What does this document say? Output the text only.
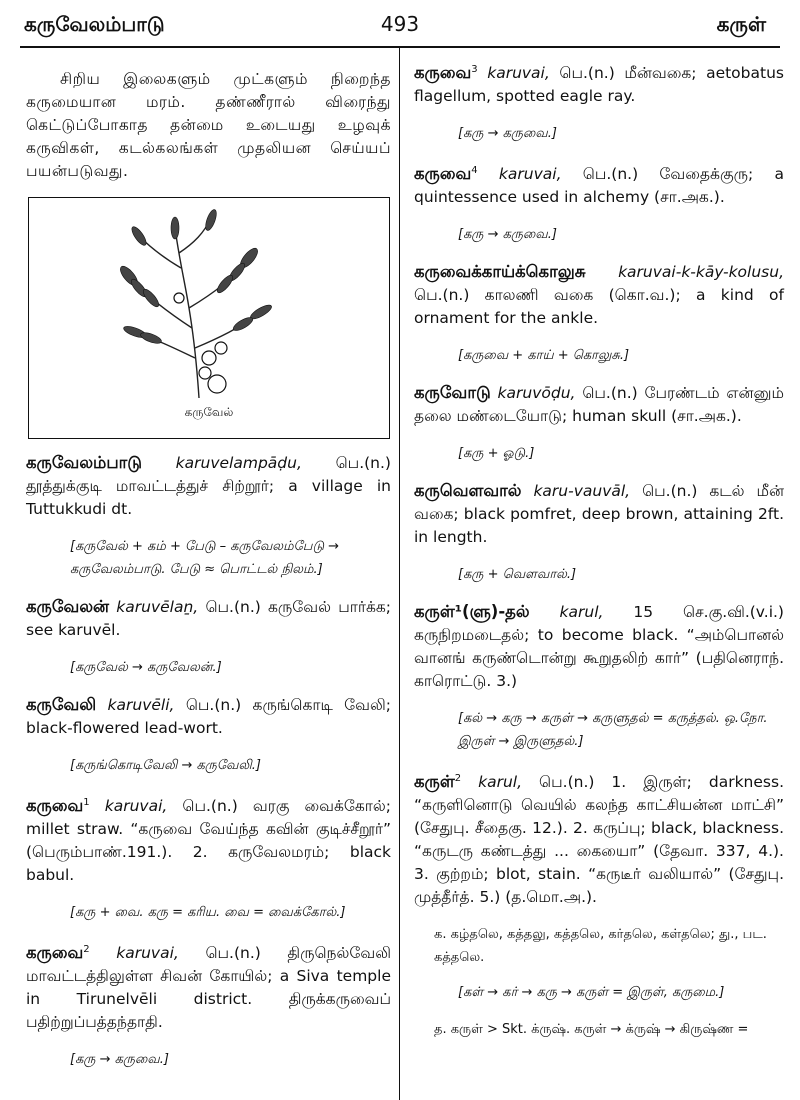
கருவேலம்பாடு	493	கருள்

சிறிய இலைகளும் முட்களும் நிறைந்த கருமையான மரம். தண்ணீரால் விரைந்து கெட்டுப்போகாத தன்மை உடையது உழவுக் கருவிகள், கடல்கலங்கள் முதலியன செய்யப் பயன்படுவது.

கருவேல்

கருவேலம்பாடு karuvelampāḍu, பெ.(n.) தூத்துக்குடி மாவட்டத்துச் சிற்றூர்; a village in Tuttukkudi dt.

[கருவேல் + கம் + பேடு – கருவேலம்பேடு → கருவேலம்பாடு. பேடு ≈ பொட்டல் நிலம்.]

கருவேலன் karuvēlaṉ, பெ.(n.) கருவேல் பார்க்க; see karuvēl.

[கருவேல் → கருவேலன்.]

கருவேலி karuvēli, பெ.(n.) கருங்கொடி வேலி; black-flowered lead-wort.

[கருங்கொடிவேலி → கருவேலி.]

கருவை$^1$ karuvai, பெ.(n.) வரகு வைக்கோல்; millet straw. “கருவை வேய்ந்த கவின் குடிச்சீறூர்” (பெரும்பாண்.191.). 2. கருவேலமரம்; black babul.

[கரு + வை. கரு = கரிய. வை = வைக்கோல்.]

கருவை$^2$ karuvai, பெ.(n.) திருநெல்வேலி மாவட்டத்திலுள்ள சிவன் கோயில்; a Siva temple in Tirunelvēli district. திருக்கருவைப் பதிற்றுப்பத்தந்தாதி.

[கரு → கருவை.]

கருவை$^3$ karuvai, பெ.(n.) மீன்வகை; aetobatus flagellum, spotted eagle ray.

[கரு → கருவை.]

கருவை$^4$ karuvai, பெ.(n.) வேதைக்குரு; a quintessence used in alchemy (சா.அக.).

[கரு → கருவை.]

கருவைக்காய்க்கொலுசு karuvai-k-kāy-kolusu, பெ.(n.) காலணி வகை (கொ.வ.); a kind of ornament for the ankle.

[கருவை + காய் + கொலுசு.]

கருவோடு karuvōḍu, பெ.(n.) பேரண்டம் என்னும் தலை மண்டையோடு; human skull (சா.அக.).

[கரு + ஓடு.]

கருவெளவால் karu-vauvāl, பெ.(n.) கடல் மீன் வகை; black pomfret, deep brown, attaining 2ft. in length.

[கரு + வெளவால்.]

கருள்¹(ளு)-தல் karul, 15 செ.கு.வி.(v.i.) கருநிறமடைதல்; to become black. “அம்பொனல் வானங் கருண்டொன்று கூறுதலிற் கார்” (பதினெராந். காரொட்டு. 3.)

[கல் → கரு → கருள் → கருளுதல் = கருத்தல். ஒ.நோ. இருள் → இருளுதல்.]

கருள்$^2$ karul, பெ.(n.) 1. இருள்; darkness. “கருளினொடு வெயில் கலந்த காட்சியன்ன மாட்சி” (சேதுபு. சீதைகு. 12.). 2. கருப்பு; black, blackness. “கருடரு கண்டத்து ... கையைா” (தேவா. 337, 4.). 3. குற்றம்; blot, stain. “கருடீர் வலியால்” (சேதுபு. முத்தீர்த். 5.) (த.மொ.அ.).

க. கழ்தலெ, கத்தலு, கத்தலெ, கர்தலெ, கள்தலெ; து., பட. கத்தலெ.

[கள் → கர் → கரு → கருள் = இருள், கருமை.]

த. கருள் > Skt. க்ருஷ். கருள் → க்ருஷ் → கிருஷ்ண =
